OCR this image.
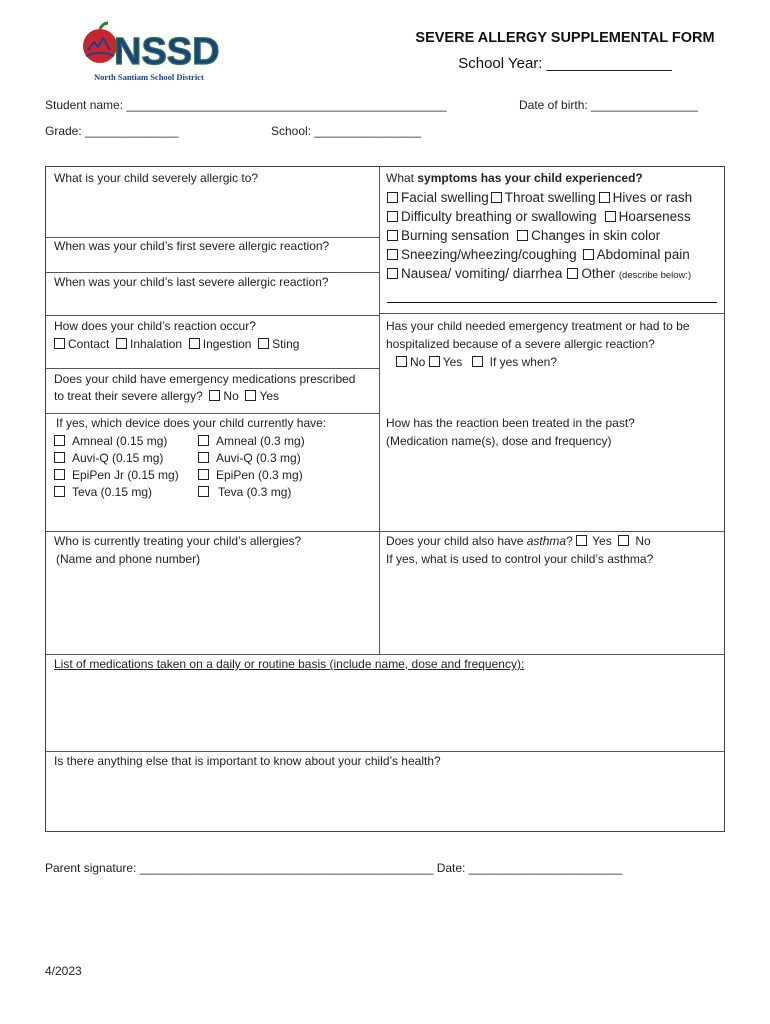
NSSD
North Santiam School District
SEVERE ALLERGY SUPPLEMENTAL FORM
School Year: _______________
Student name: ________________________________________________	Date of birth: ________________
Grade: ______________	School: ________________
What is your child severely allergic to?
When was your child’s first severe allergic reaction?
When was your child’s last severe allergic reaction?
What symptoms has your child experienced?
Facial swelling Throat swelling Hives or rash
Difficulty breathing or swallowing Hoarseness
Burning sensation Changes in skin color
Sneezing/wheezing/coughing Abdominal pain
Nausea/ vomiting/ diarrhea Other (describe below:)
How does your child’s reaction occur?
Contact Inhalation Ingestion Sting
Has your child needed emergency treatment or had to be
hospitalized because of a severe allergic reaction?
No Yes If yes when?
Does your child have emergency medications prescribed
to treat their severe allergy? No Yes
If yes, which device does your child currently have:
Amneal (0.15 mg)	Amneal (0.3 mg)
Auvi-Q (0.15 mg)	Auvi-Q (0.3 mg)
EpiPen Jr (0.15 mg)	EpiPen (0.3 mg)
Teva (0.15 mg)	Teva (0.3 mg)
How has the reaction been treated in the past?
(Medication name(s), dose and frequency)
Who is currently treating your child’s allergies?
(Name and phone number)
Does your child also have asthma? Yes No
If yes, what is used to control your child’s asthma?
List of medications taken on a daily or routine basis (include name, dose and frequency):
Is there anything else that is important to know about your child’s health?
Parent signature: ____________________________________________ Date: _______________________
4/2023
